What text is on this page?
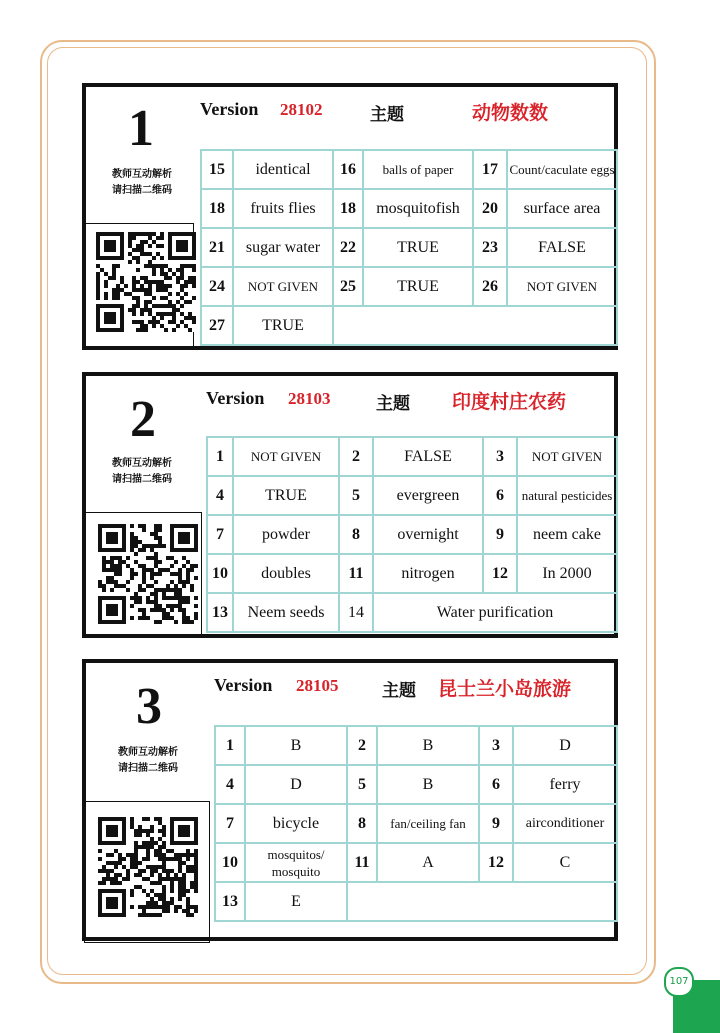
1
教师互动解析
请扫描二维码
Version 28102	主题	动物数数
15	identical	16	balls of paper	17	Count/caculate eggs
18	fruits flies	18	mosquitofish	20	surface area
21	sugar water	22	TRUE	23	FALSE
24	NOT GIVEN	25	TRUE	26	NOT GIVEN
27	TRUE				
2
教师互动解析
请扫描二维码
Version 28103	主题 印度村庄农药
1	NOT GIVEN	2	FALSE	3	NOT GIVEN
4	TRUE	5	evergreen	6	natural pesticides
7	powder	8	overnight	9	neem cake
10	doubles	11	nitrogen	12	In 2000
13	Neem seeds	14	Water purification		
3
教师互动解析
请扫描二维码
Version 28105	主题 昆士兰小岛旅游
1	B	2	B	3	D
4	D	5	B	6	ferry
7	bicycle	8	fan/ceiling fan	9	airconditioner
10	mosquitos/ mosquito	11	A	12	C
13	E				
107
